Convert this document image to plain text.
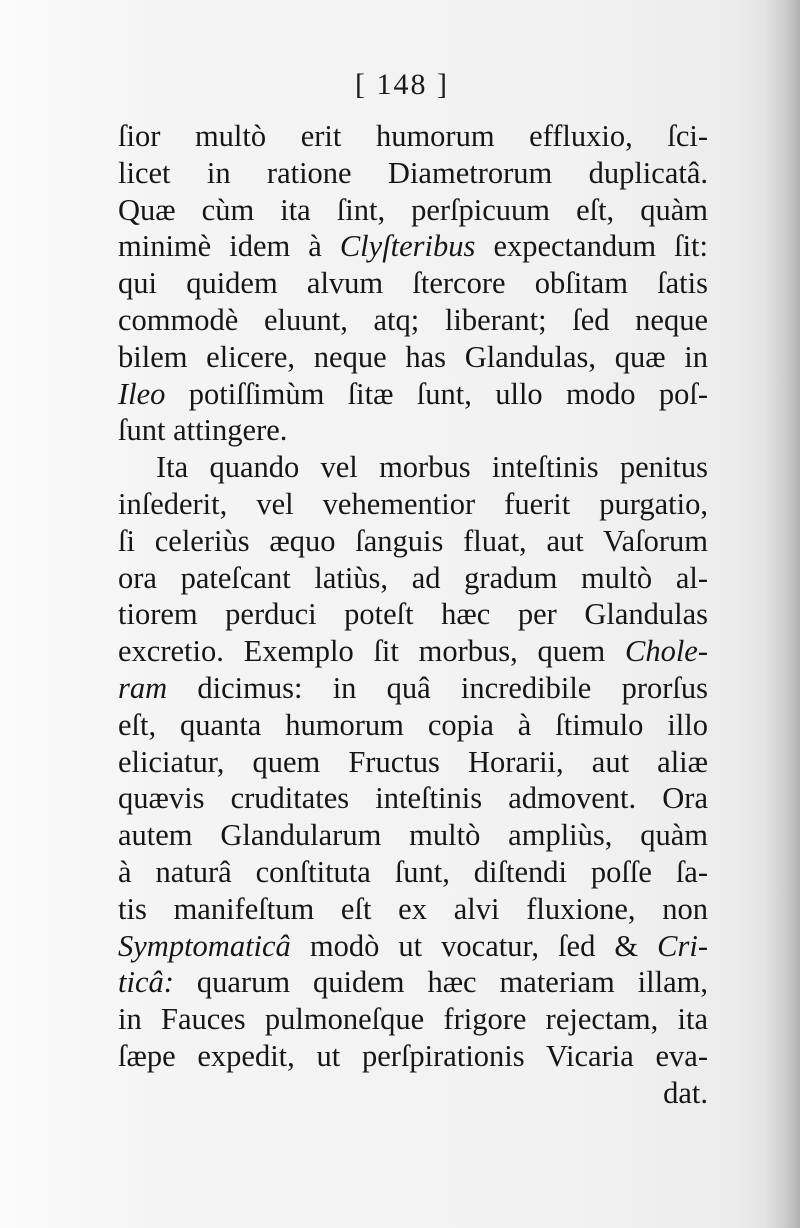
[ 148 ]
ſior multò erit humorum effluxio, ſci-
licet in ratione Diametrorum duplicatâ.
Quæ cùm ita ſint, perſpicuum eſt, quàm
minimè idem à Clyſteribus expectandum ſit:
qui quidem alvum ſtercore obſitam ſatis
commodè eluunt, atq; liberant; ſed neque
bilem elicere, neque has Glandulas, quæ in
Ileo potiſſimùm ſitæ ſunt, ullo modo poſ-
ſunt attingere.
Ita quando vel morbus inteſtinis penitus
inſederit, vel vehementior fuerit purgatio,
ſi celeriùs æquo ſanguis fluat, aut Vaſorum
ora pateſcant latiùs, ad gradum multò al-
tiorem perduci poteſt hæc per Glandulas
excretio. Exemplo ſit morbus, quem Chole-
ram dicimus: in quâ incredibile prorſus
eſt, quanta humorum copia à ſtimulo illo
eliciatur, quem Fructus Horarii, aut aliæ
quævis cruditates inteſtinis admovent. Ora
autem Glandularum multò ampliùs, quàm
à naturâ conſtituta ſunt, diſtendi poſſe ſa-
tis manifeſtum eſt ex alvi fluxione, non
Symptomaticâ modò ut vocatur, ſed & Cri-
ticâ: quarum quidem hæc materiam illam,
in Fauces pulmoneſque frigore rejectam, ita
ſæpe expedit, ut perſpirationis Vicaria eva-
dat.
